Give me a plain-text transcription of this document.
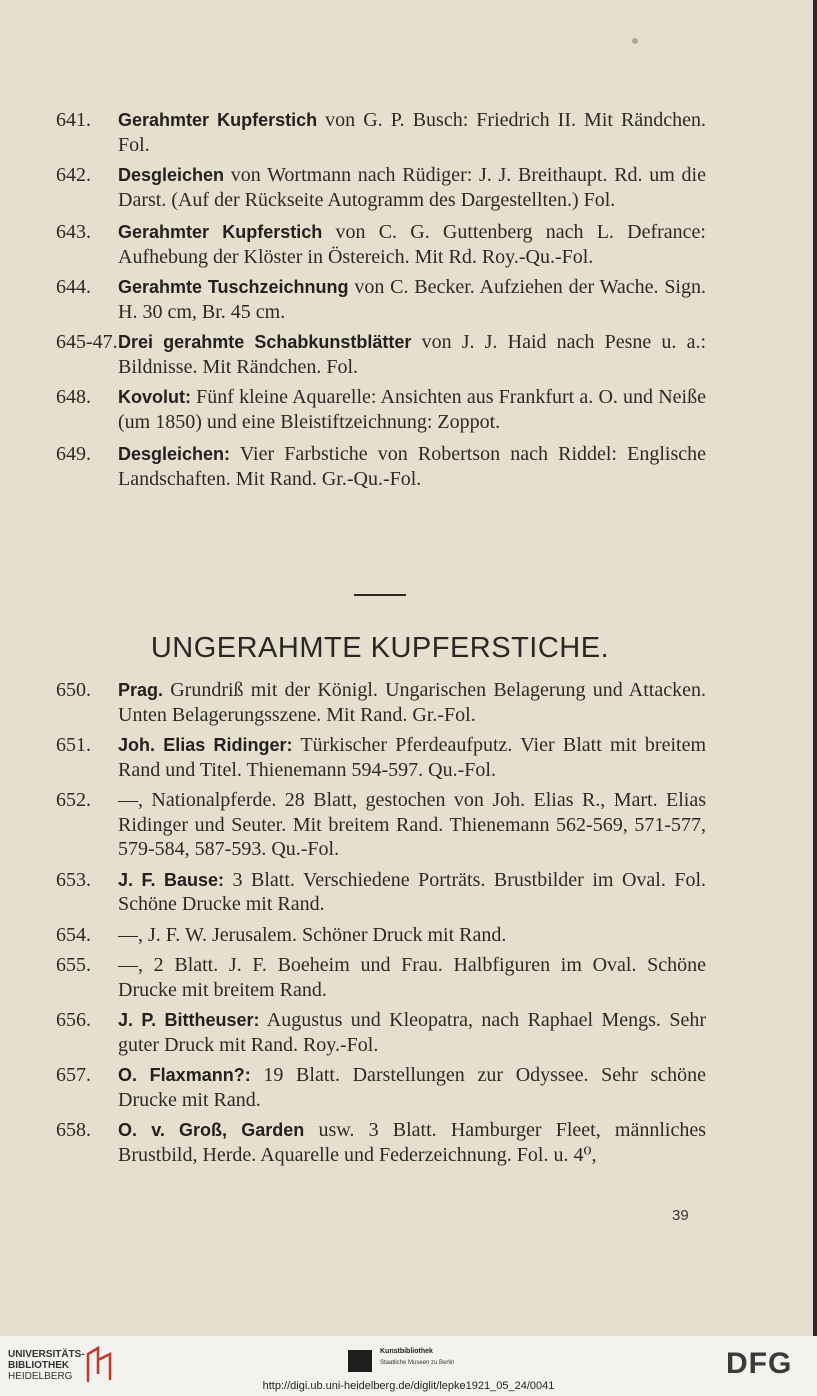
641.	Gerahmter Kupferstich von G. P. Busch: Friedrich II. Mit Rändchen. Fol.
642.	Desgleichen von Wortmann nach Rüdiger: J. J. Breithaupt. Rd. um die Darst. (Auf der Rückseite Autogramm des Dargestellten.) Fol.
643.	Gerahmter Kupferstich von C. G. Guttenberg nach L. Defrance: Aufhebung der Klöster in Östereich. Mit Rd. Roy.-Qu.-Fol.
644.	Gerahmte Tuschzeichnung von C. Becker. Aufziehen der Wache. Sign. H. 30 cm, Br. 45 cm.
645-47. Drei gerahmte Schabkunstblätter von J. J. Haid nach Pesne u. a.: Bildnisse. Mit Rändchen. Fol.
648.	Kovolut: Fünf kleine Aquarelle: Ansichten aus Frankfurt a. O. und Neiße (um 1850) und eine Bleistiftzeichnung: Zoppot.
649.	Desgleichen: Vier Farbstiche von Robertson nach Riddel: Englische Landschaften. Mit Rand. Gr.-Qu.-Fol.
UNGERAHMTE KUPFERSTICHE.
650.	Prag. Grundriß mit der Königl. Ungarischen Belagerung und Attacken. Unten Belagerungsszene. Mit Rand. Gr.-Fol.
651.	Joh. Elias Ridinger: Türkischer Pferdeaufputz. Vier Blatt mit breitem Rand und Titel. Thienemann 594-597. Qu.-Fol.
652.	—, Nationalpferde. 28 Blatt, gestochen von Joh. Elias R., Mart. Elias Ridinger und Seuter. Mit breitem Rand. Thienemann 562-569, 571-577, 579-584, 587-593. Qu.-Fol.
653.	J. F. Bause: 3 Blatt. Verschiedene Porträts. Brustbilder im Oval. Fol. Schöne Drucke mit Rand.
654.	—, J. F. W. Jerusalem. Schöner Druck mit Rand.
655.	—, 2 Blatt. J. F. Boeheim und Frau. Halbfiguren im Oval. Schöne Drucke mit breitem Rand.
656.	J. P. Bittheuser: Augustus und Kleopatra, nach Raphael Mengs. Sehr guter Druck mit Rand. Roy.-Fol.
657.	O. Flaxmann?: 19 Blatt. Darstellungen zur Odyssee. Sehr schöne Drucke mit Rand.
658.	O. v. Groß, Garden usw. 3 Blatt. Hamburger Fleet, männliches Brustbild, Herde. Aquarelle und Federzeichnung. Fol. u. 4⁰,
39
UNIVERSITÄTS-
BIBLIOTHEK
HEIDELBERG
Kunstbibliothek
Staatliche Museen zu Berlin	DFG
http://digi.ub.uni-heidelberg.de/diglit/lepke1921_05_24/0041
